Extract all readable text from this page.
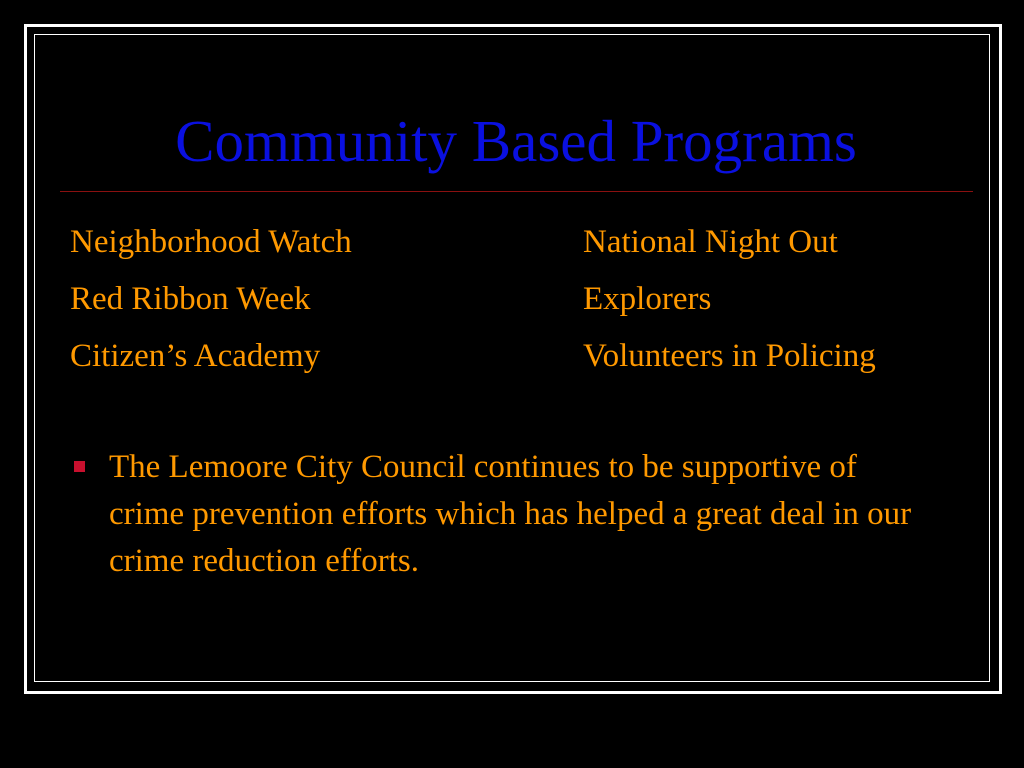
Community Based Programs
Neighborhood Watch
Red Ribbon Week
Citizen’s Academy
National Night Out
Explorers
Volunteers in Policing
The Lemoore City Council continues to be supportive of crime prevention efforts which has helped a great deal in our crime reduction efforts.
